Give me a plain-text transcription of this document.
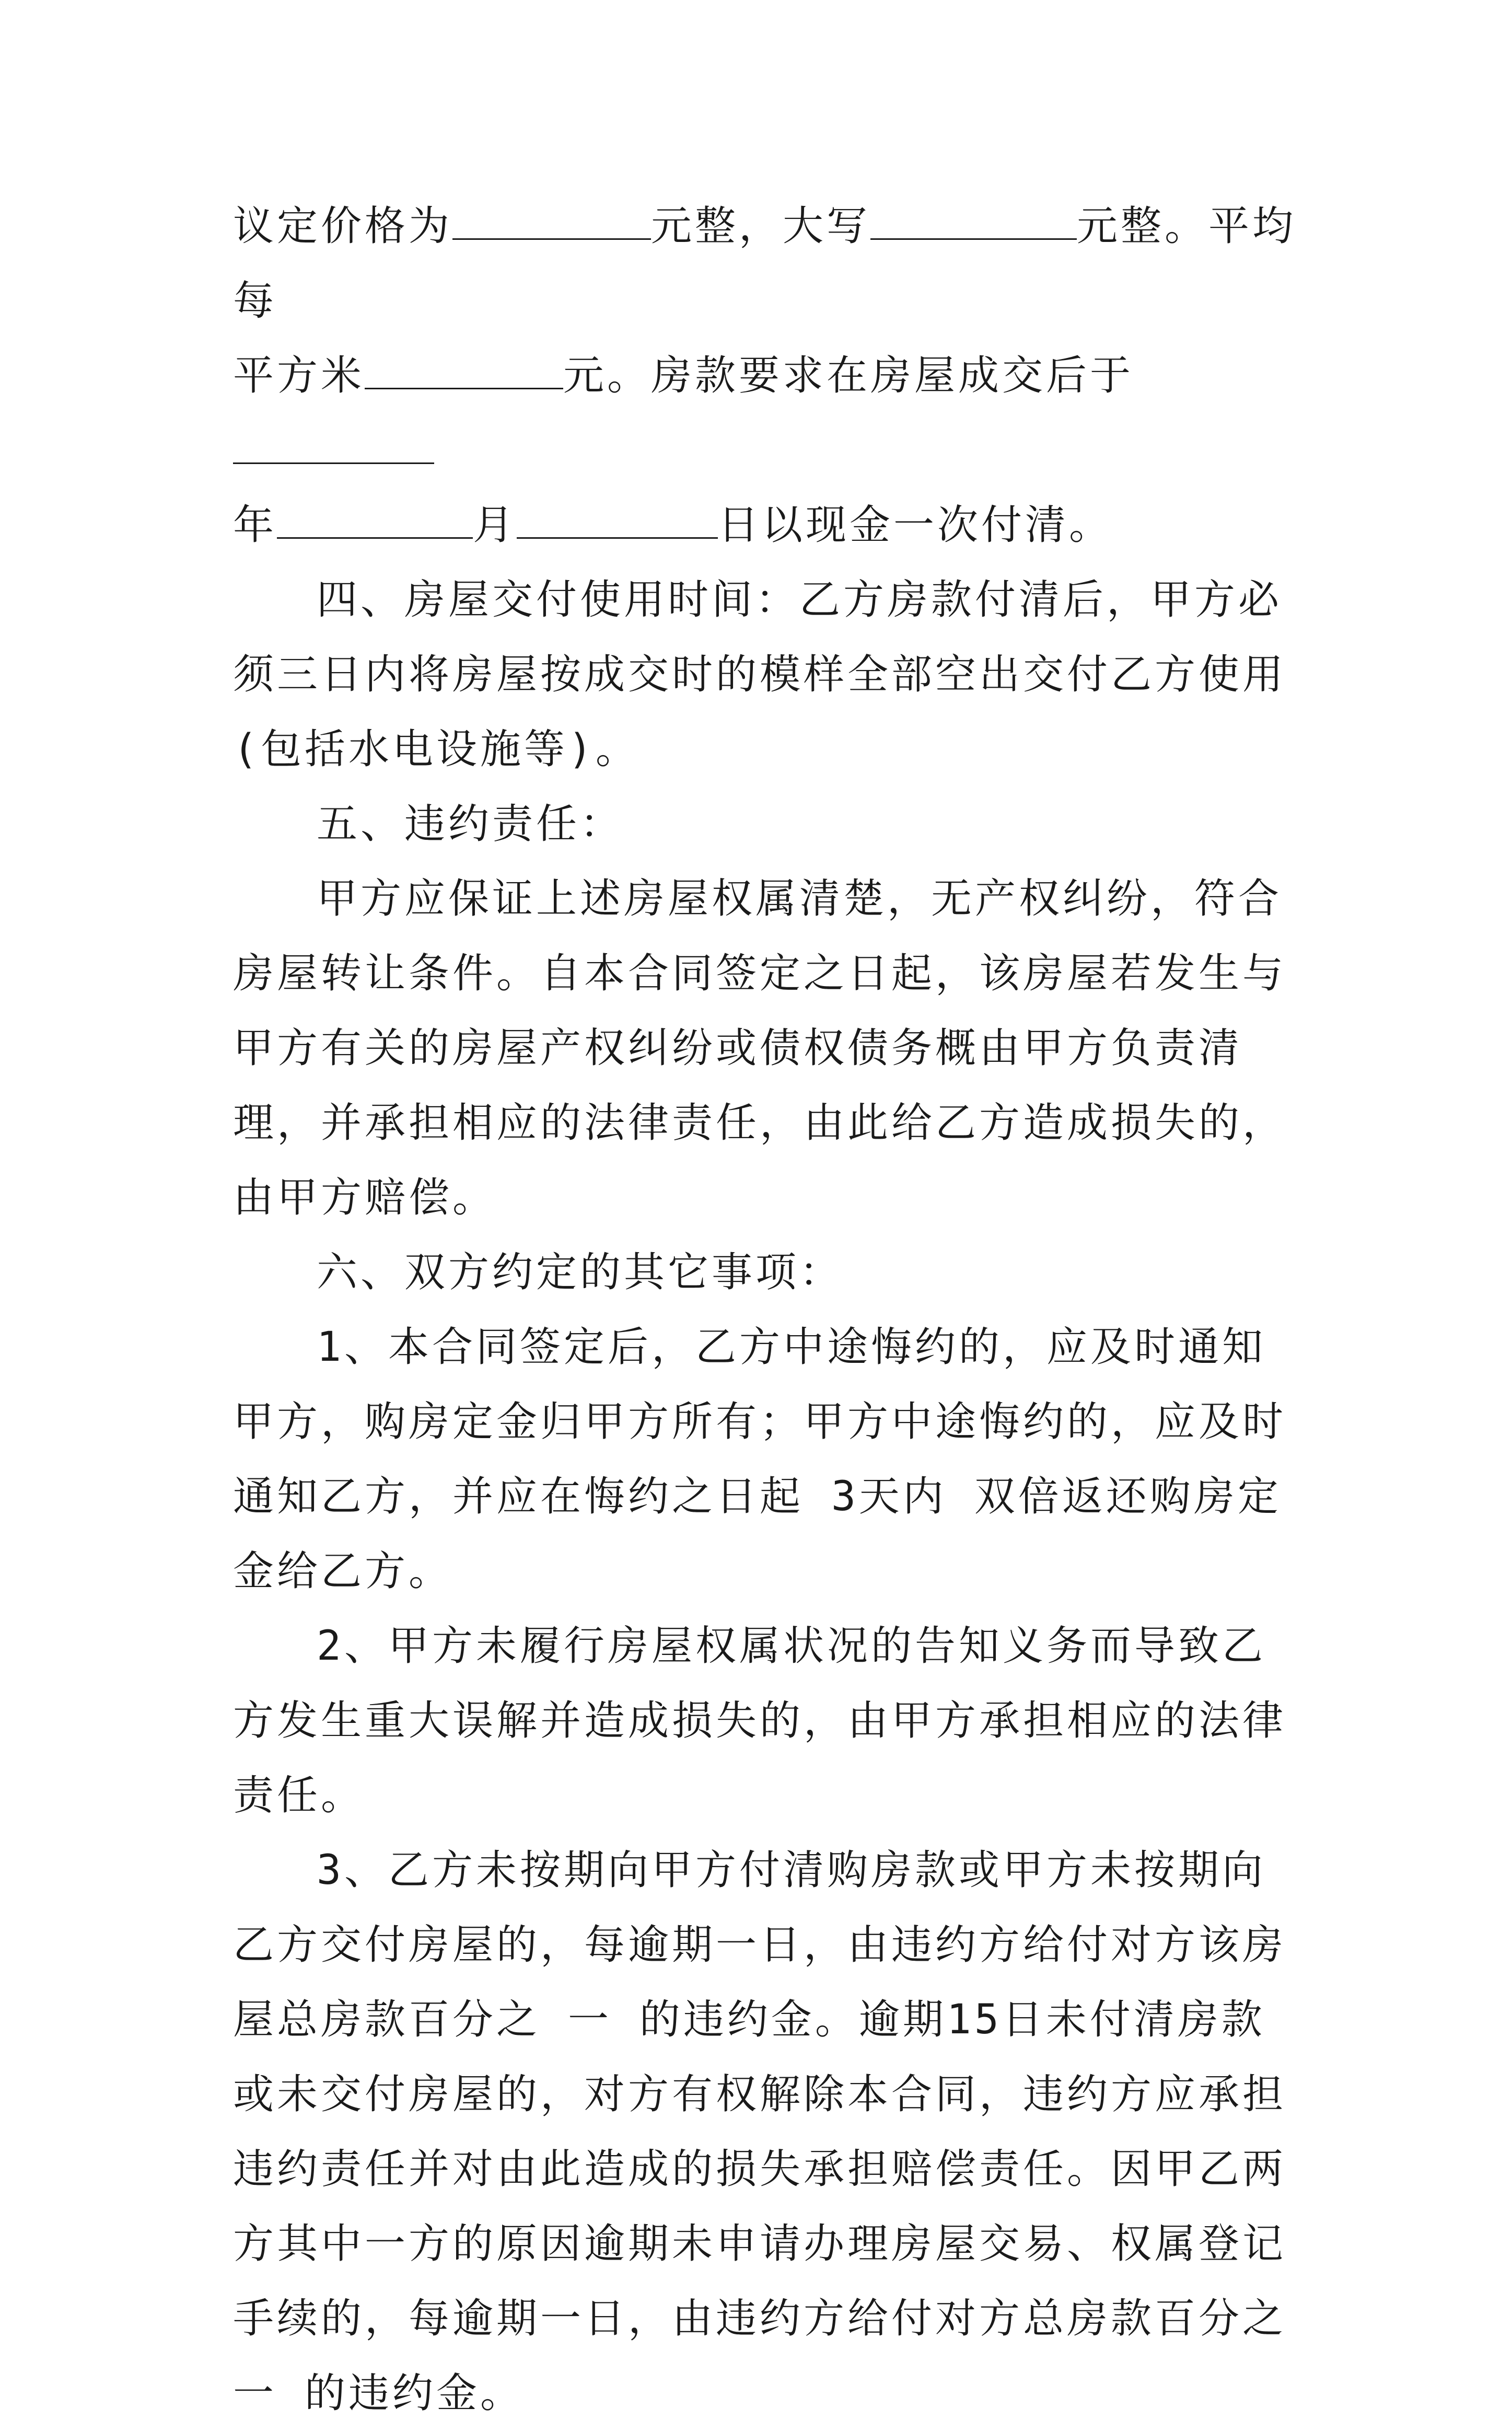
议定价格为	元整，大写	元整。平均每
平方米	元。房款要求在房屋成交后于
年	月	日以现金一次付清。

四、房屋交付使用时间：乙方房款付清后，甲方必须三日内将房屋按成交时的模样全部空出交付乙方使用(包括水电设施等)。

五、违约责任：

甲方应保证上述房屋权属清楚，无产权纠纷，符合房屋转让条件。自本合同签定之日起，该房屋若发生与甲方有关的房屋产权纠纷或债权债务概由甲方负责清理，并承担相应的法律责任，由此给乙方造成损失的，由甲方赔偿。

六、双方约定的其它事项：

1、本合同签定后，乙方中途悔约的，应及时通知甲方，购房定金归甲方所有；甲方中途悔约的，应及时通知乙方，并应在悔约之日起 3天内 双倍返还购房定金给乙方。

2、甲方未履行房屋权属状况的告知义务而导致乙方发生重大误解并造成损失的，由甲方承担相应的法律责任。

3、乙方未按期向甲方付清购房款或甲方未按期向乙方交付房屋的，每逾期一日，由违约方给付对方该房屋总房款百分之 一 的违约金。逾期15日未付清房款或未交付房屋的，对方有权解除本合同，违约方应承担违约责任并对由此造成的损失承担赔偿责任。因甲乙两方其中一方的原因逾期未申请办理房屋交易、权属登记手续的，每逾期一日，由违约方给付对方总房款百分之 一 的违约金。
